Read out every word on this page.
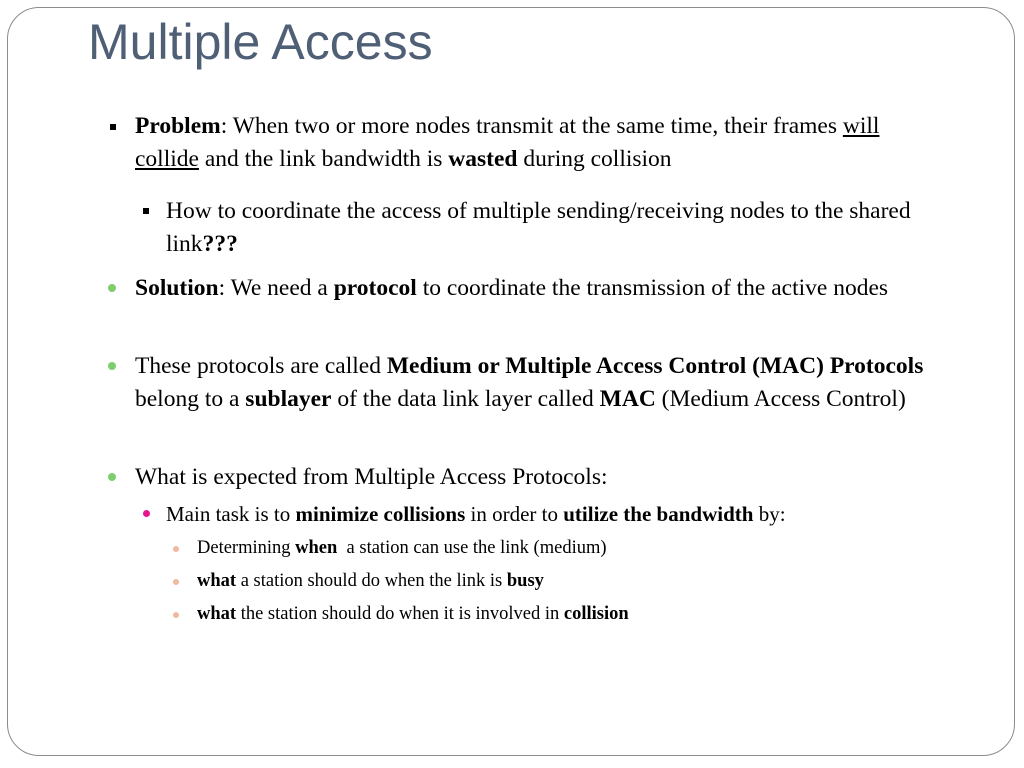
Multiple Access
Problem: When two or more nodes transmit at the same time, their frames will collide and the link bandwidth is wasted during collision
How to coordinate the access of multiple sending/receiving nodes to the shared link???
Solution: We need a protocol to coordinate the transmission of the active nodes
These protocols are called Medium or Multiple Access Control (MAC) Protocols belong to a sublayer of the data link layer called MAC (Medium Access Control)
What is expected from Multiple Access Protocols:
Main task is to minimize collisions in order to utilize the bandwidth by:
Determining when  a station can use the link (medium)
what a station should do when the link is busy
what the station should do when it is involved in collision
